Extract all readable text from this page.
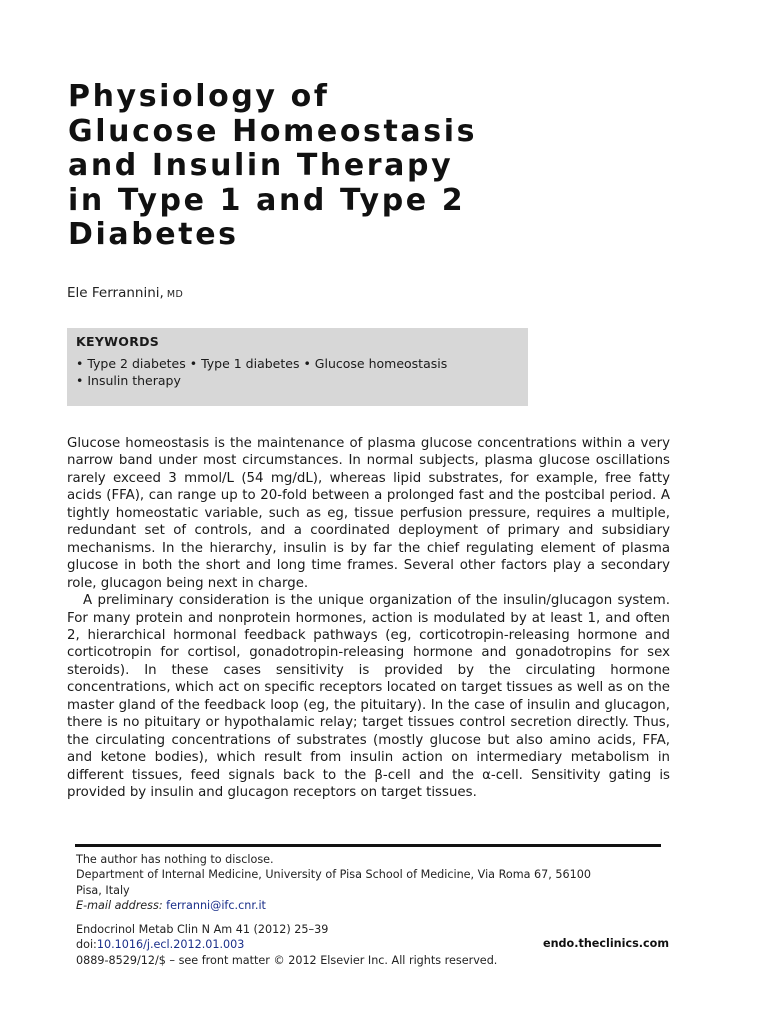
Physiology of
Glucose Homeostasis
and Insulin Therapy
in Type 1 and Type 2
Diabetes
Ele Ferrannini, MD
KEYWORDS
• Type 2 diabetes • Type 1 diabetes • Glucose homeostasis
• Insulin therapy

Glucose homeostasis is the maintenance of plasma glucose concentrations within a very narrow band under most circumstances. In normal subjects, plasma glucose oscillations rarely exceed 3 mmol/L (54 mg/dL), whereas lipid substrates, for example, free fatty acids (FFA), can range up to 20-fold between a prolonged fast and the postcibal period. A tightly homeostatic variable, such as eg, tissue perfusion pressure, requires a multiple, redundant set of controls, and a coordinated deployment of primary and subsidiary mechanisms. In the hierarchy, insulin is by far the chief regulating element of plasma glucose in both the short and long time frames. Several other factors play a secondary role, glucagon being next in charge.

A preliminary consideration is the unique organization of the insulin/glucagon system. For many protein and nonprotein hormones, action is modulated by at least 1, and often 2, hierarchical hormonal feedback pathways (eg, corticotropin-releasing hormone and corticotropin for cortisol, gonadotropin-releasing hormone and gonadotropins for sex steroids). In these cases sensitivity is provided by the circulating hormone concentrations, which act on specific receptors located on target tissues as well as on the master gland of the feedback loop (eg, the pituitary). In the case of insulin and glucagon, there is no pituitary or hypothalamic relay; target tissues control secretion directly. Thus, the circulating concentrations of substrates (mostly glucose but also amino acids, FFA, and ketone bodies), which result from insulin action on intermediary metabolism in different tissues, feed signals back to the β-cell and the α-cell. Sensitivity gating is provided by insulin and glucagon receptors on target tissues.

The author has nothing to disclose.
Department of Internal Medicine, University of Pisa School of Medicine, Via Roma 67, 56100
Pisa, Italy
E-mail address: ferranni@ifc.cnr.it
Endocrinol Metab Clin N Am 41 (2012) 25–39
doi:10.1016/j.ecl.2012.01.003
0889-8529/12/$ – see front matter © 2012 Elsevier Inc. All rights reserved.
endo.theclinics.com
